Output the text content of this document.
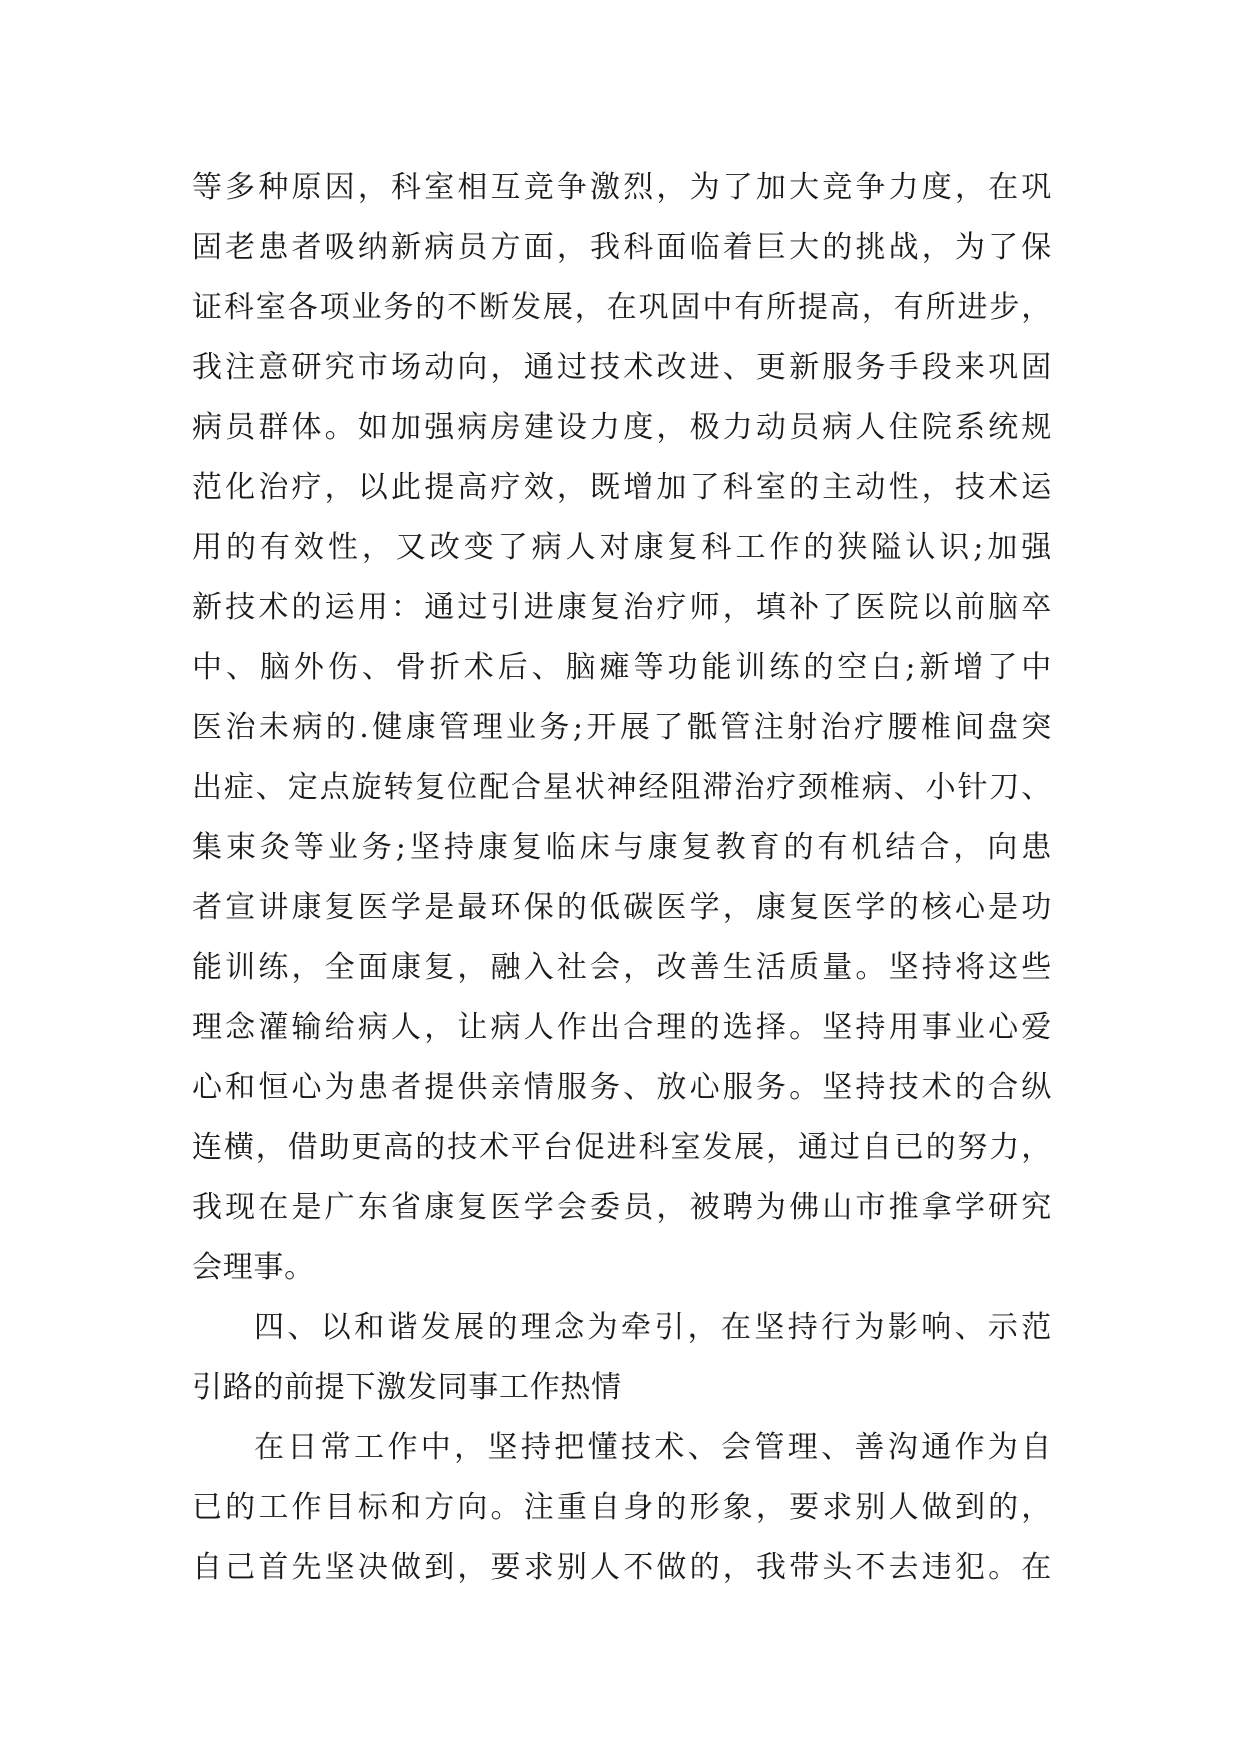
等多种原因，科室相互竞争激烈，为了加大竞争力度，在巩
固老患者吸纳新病员方面，我科面临着巨大的挑战，为了保
证科室各项业务的不断发展，在巩固中有所提高，有所进步，
我注意研究市场动向，通过技术改进、更新服务手段来巩固
病员群体。如加强病房建设力度，极力动员病人住院系统规
范化治疗，以此提高疗效，既增加了科室的主动性，技术运
用的有效性，又改变了病人对康复科工作的狭隘认识;加强
新技术的运用：通过引进康复治疗师，填补了医院以前脑卒
中、脑外伤、骨折术后、脑瘫等功能训练的空白;新增了中
医治未病的.健康管理业务;开展了骶管注射治疗腰椎间盘突
出症、定点旋转复位配合星状神经阻滞治疗颈椎病、小针刀、
集束灸等业务;坚持康复临床与康复教育的有机结合，向患
者宣讲康复医学是最环保的低碳医学，康复医学的核心是功
能训练，全面康复，融入社会，改善生活质量。坚持将这些
理念灌输给病人，让病人作出合理的选择。坚持用事业心爱
心和恒心为患者提供亲情服务、放心服务。坚持技术的合纵
连横，借助更高的技术平台促进科室发展，通过自已的努力，
我现在是广东省康复医学会委员，被聘为佛山市推拿学研究
会理事。
四、以和谐发展的理念为牵引，在坚持行为影响、示范
引路的前提下激发同事工作热情
在日常工作中，坚持把懂技术、会管理、善沟通作为自
已的工作目标和方向。注重自身的形象，要求别人做到的，
自己首先坚决做到，要求别人不做的，我带头不去违犯。在
